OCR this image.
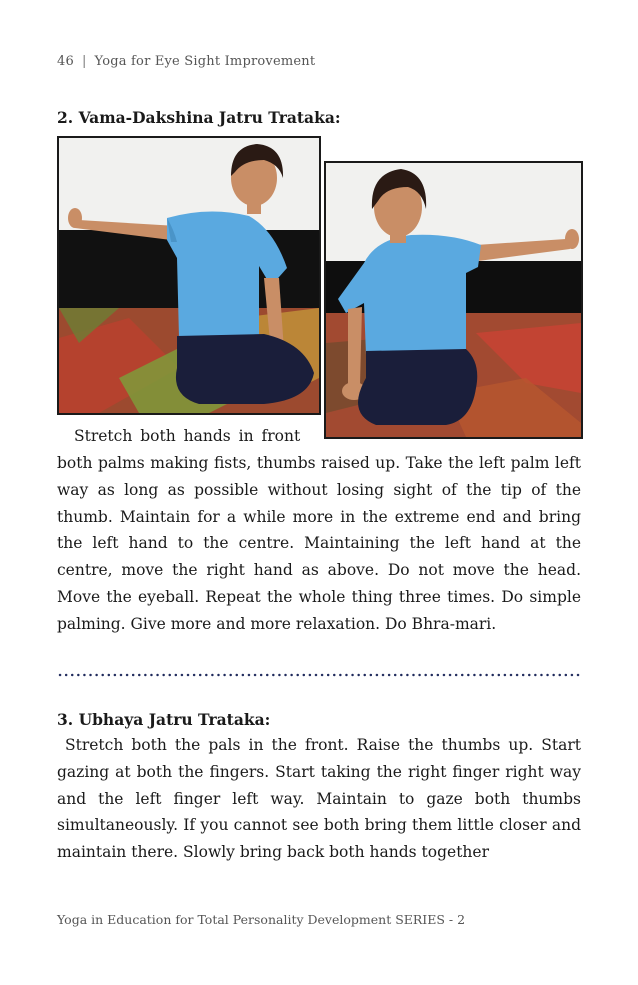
46 | Yoga for Eye Sight Improvement
2. Vama-Dakshina Jatru Trataka:
Stretch both hands in front

both palms making fists, thumbs raised up. Take the left palm left way as long as possible without losing sight of the tip of the thumb. Maintain for a while more in the extreme end and bring the left hand to the centre. Maintaining the left hand at the centre, move the right hand as above. Do not move the head. Move the eyeball. Repeat the whole thing three times. Do simple palming. Give more and more relaxation. Do Bhra-mari.

3. Ubhaya Jatru Trataka:

Stretch both the pals in the front. Raise the thumbs up. Start gazing at both the fingers. Start taking the right finger right way and the left finger left way. Maintain to gaze both thumbs simultaneously. If you cannot see both bring them little closer and maintain there. Slowly bring back both hands together

Yoga in Education for Total Personality Development SERIES - 2
